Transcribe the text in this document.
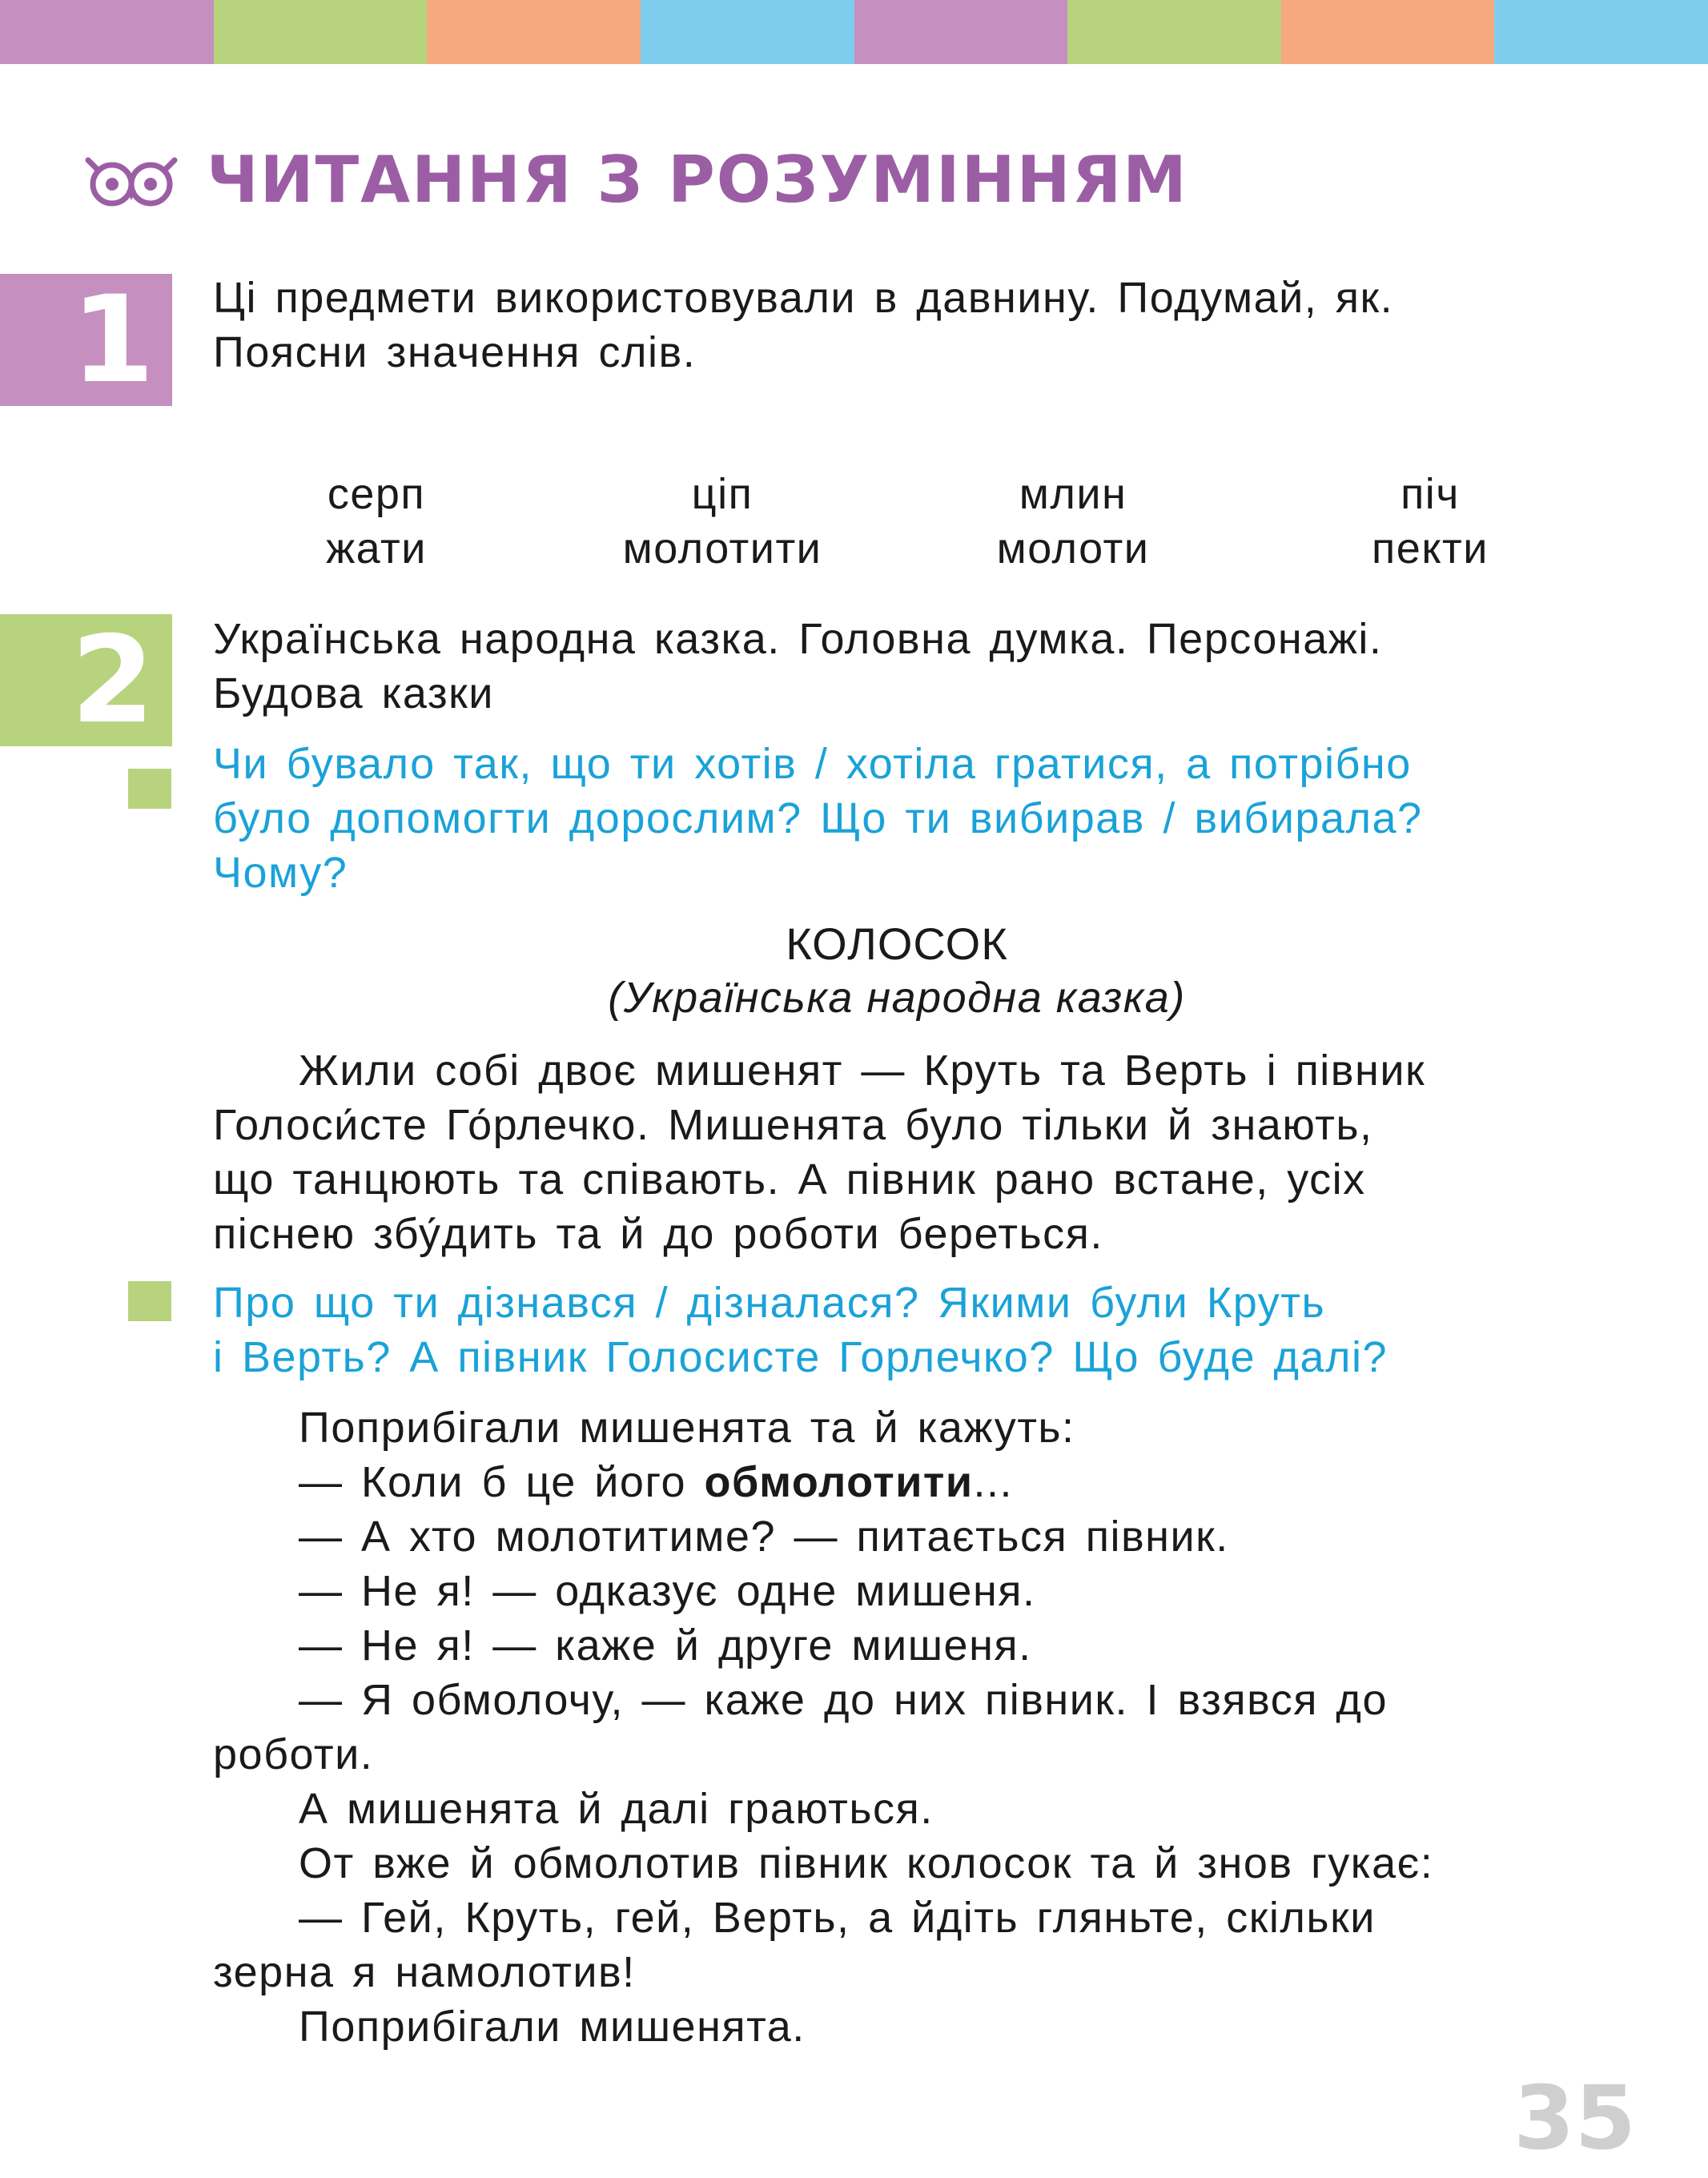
ЧИТАННЯ З РОЗУМІННЯМ
1	Ці предмети використовували в давнину. Подумай, як.
Поясни значення слів.
серп
жати
ціп
молотити
млин
молоти
піч
пекти
2	Українська народна казка. Головна думка. Персонажі.
Будова казки
Чи бувало так, що ти хотів / хотіла гратися, а потрібно
було допомогти дорослим? Що ти вибирав / вибирала?
Чому?
КОЛОСОК
(Українська народна казка)
Жили собі двоє мишенят — Круть та Верть і півник
Голоси́сте Го́рлечко. Мишенята було тільки й знають,
що танцюють та співають. А півник рано встане, усіх
піснею збу́дить та й до роботи береться.
Про що ти дізнався / дізналася? Якими були Круть
і Верть? А півник Голосисте Горлечко? Що буде далі?
Поприбігали мишенята та й кажуть:
— Коли б це його обмолотити...
— А хто молотитиме? — питається півник.
— Не я! — одказує одне мишеня.
— Не я! — каже й друге мишеня.
— Я обмолочу, — каже до них півник. І взявся до
роботи.
А мишенята й далі граються.
От вже й обмолотив півник колосок та й знов гукає:
— Гей, Круть, гей, Верть, а йдіть гляньте, скільки
зерна я намолотив!
Поприбігали мишенята.
35
